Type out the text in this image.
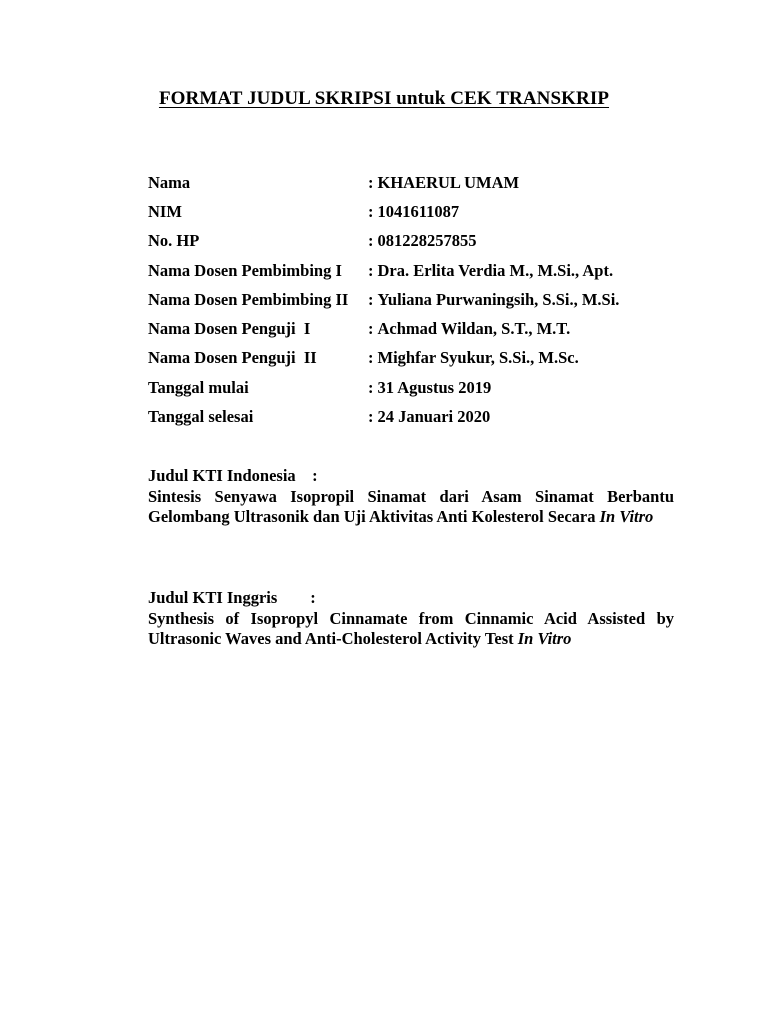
FORMAT JUDUL SKRIPSI untuk CEK TRANSKRIP
Nama	: KHAERUL UMAM
NIM	: 1041611087
No. HP	: 081228257855
Nama Dosen Pembimbing I	: Dra. Erlita Verdia M., M.Si., Apt.
Nama Dosen Pembimbing II	: Yuliana Purwaningsih, S.Si., M.Si.
Nama Dosen Penguji  I	: Achmad Wildan, S.T., M.T.
Nama Dosen Penguji  II	: Mighfar Syukur, S.Si., M.Sc.
Tanggal mulai	: 31 Agustus 2019
Tanggal selesai	: 24 Januari 2020
Judul KTI Indonesia    :
Sintesis Senyawa Isopropil Sinamat dari Asam Sinamat Berbantu Gelombang Ultrasonik dan Uji Aktivitas Anti Kolesterol Secara In Vitro
Judul KTI Inggris        :
Synthesis of Isopropyl Cinnamate from Cinnamic Acid Assisted by Ultrasonic Waves and Anti-Cholesterol Activity Test In Vitro
